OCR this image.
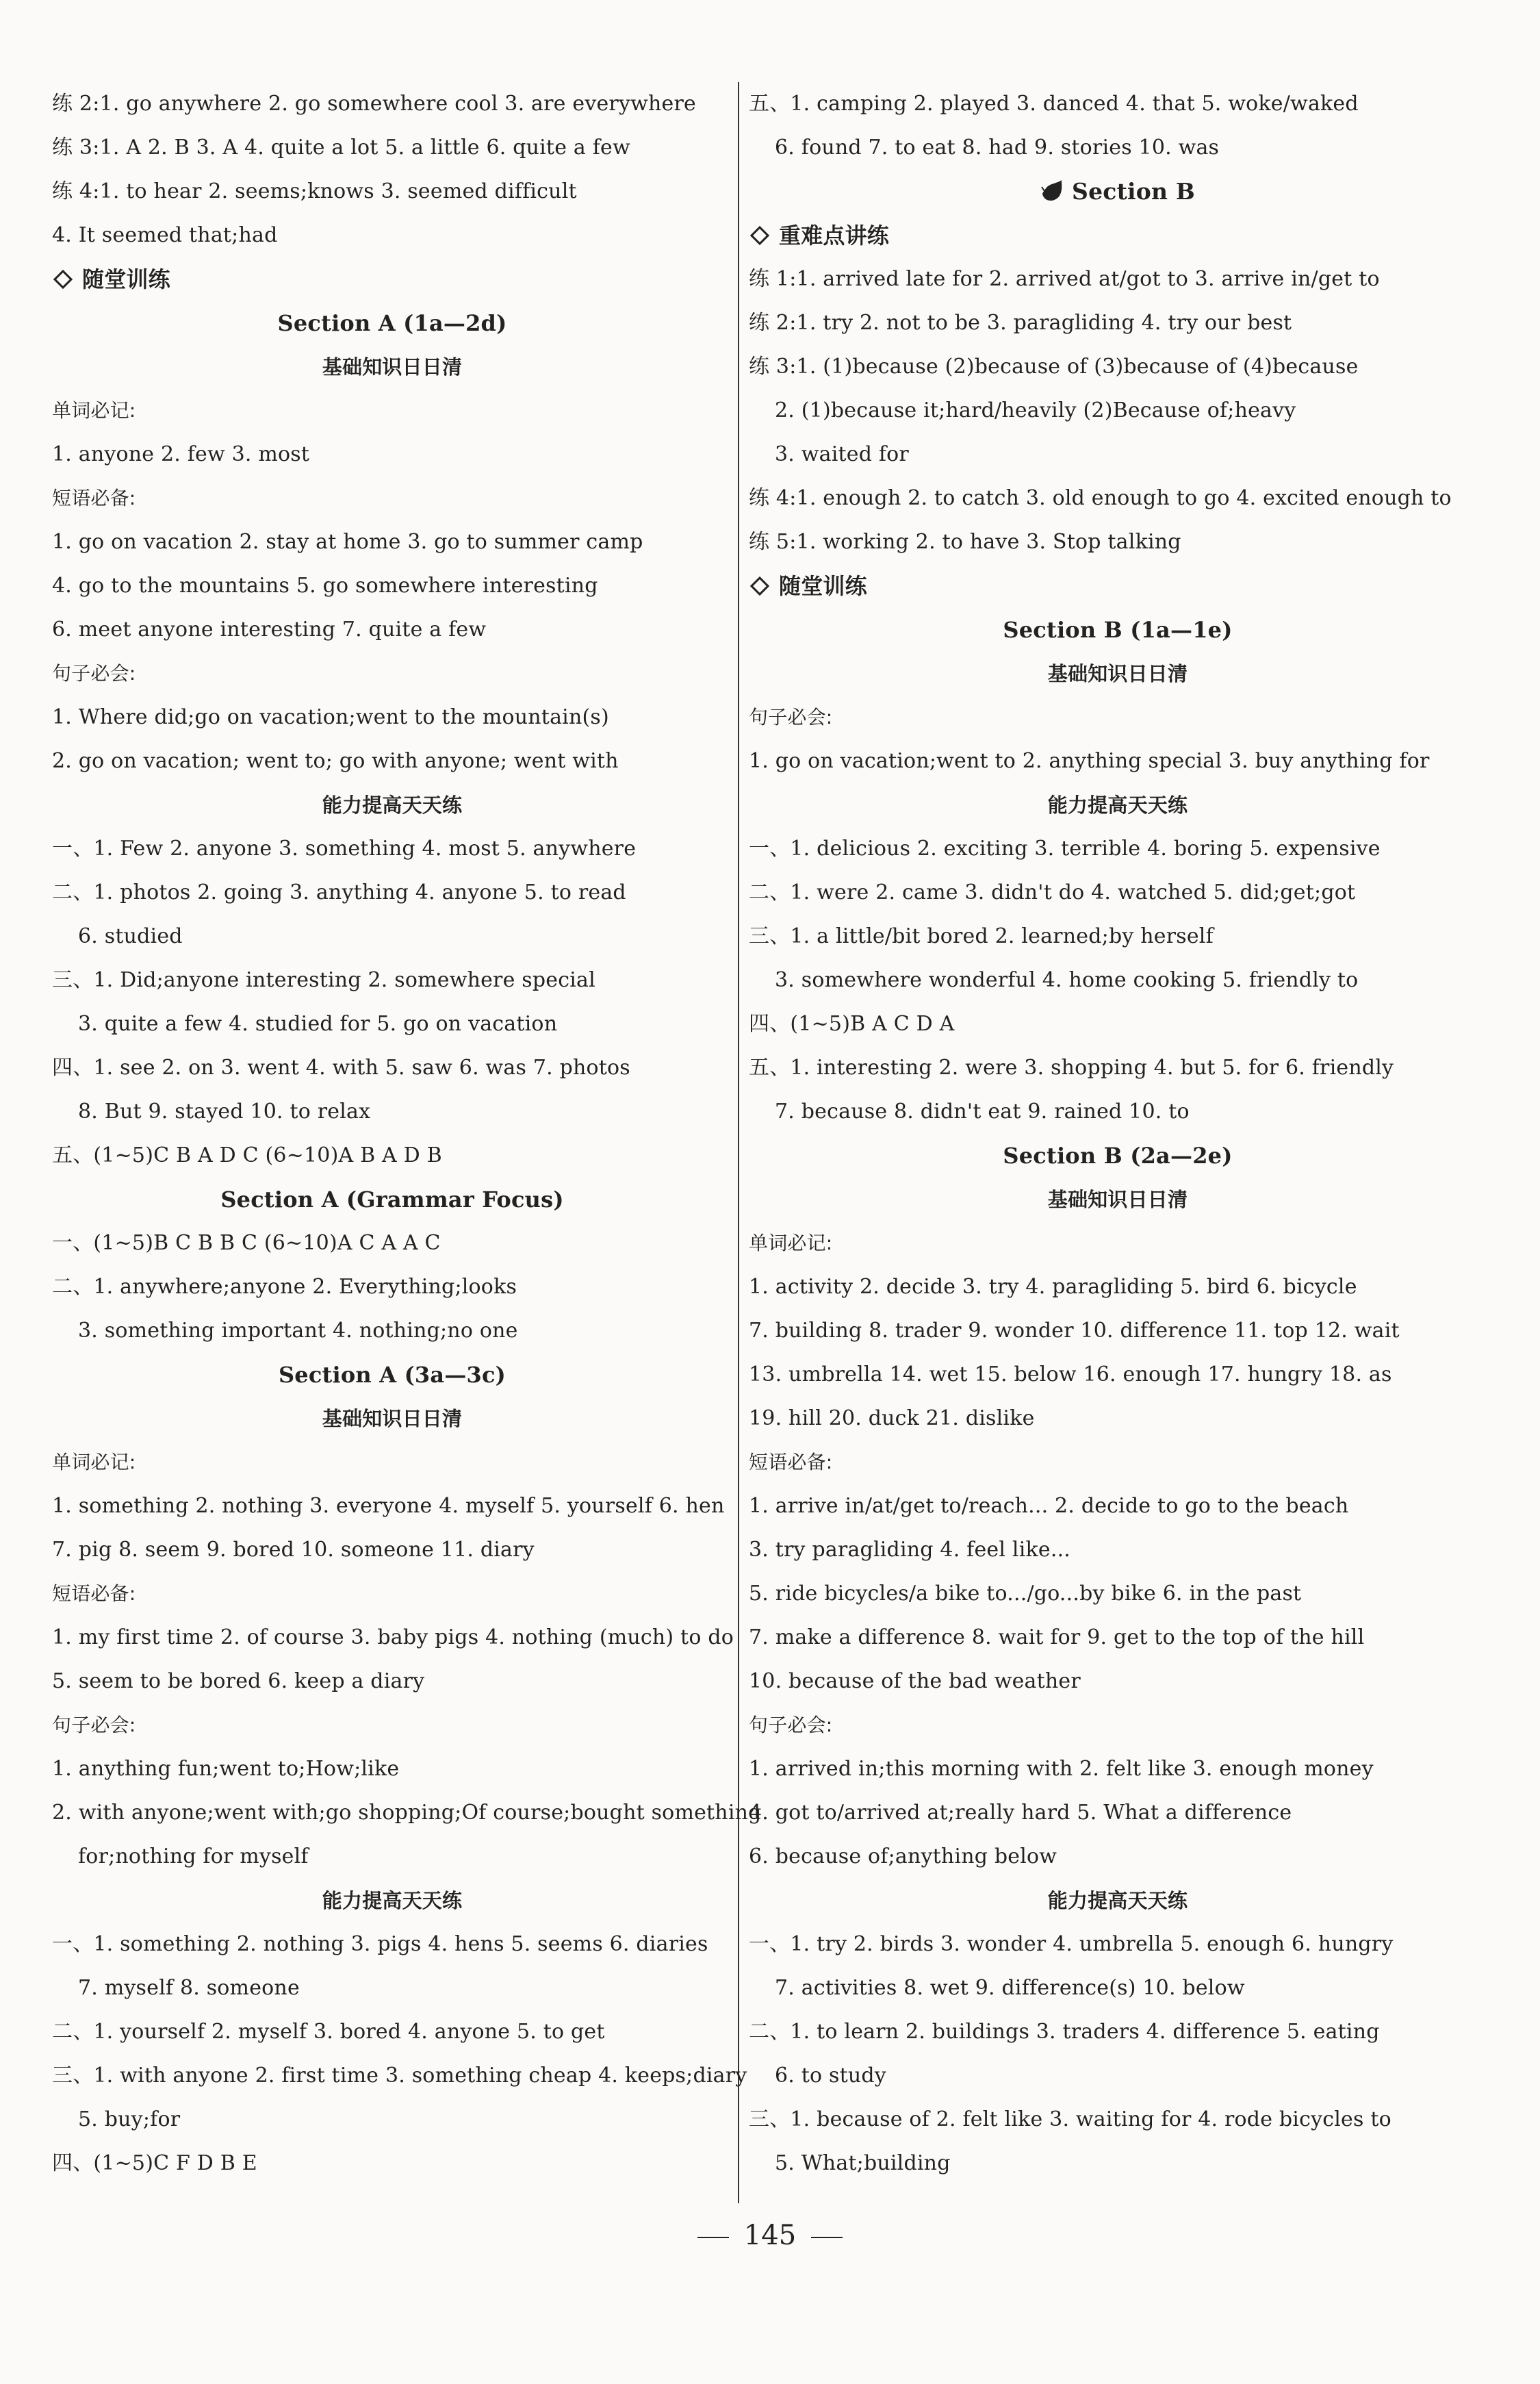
练 2:1. go anywhere 2. go somewhere cool 3. are everywhere
练 3:1. A 2. B 3. A 4. quite a lot 5. a little 6. quite a few
练 4:1. to hear 2. seems;knows 3. seemed difficult
4. It seemed that;had
随堂训练
Section A (1a—2d)
基础知识日日清
单词必记:
1. anyone 2. few 3. most
短语必备:
1. go on vacation 2. stay at home 3. go to summer camp
4. go to the mountains 5. go somewhere interesting
6. meet anyone interesting 7. quite a few
句子必会:
1. Where did;go on vacation;went to the mountain(s)
2. go on vacation; went to; go with anyone; went with
能力提高天天练
一、1. Few 2. anyone 3. something 4. most 5. anywhere
二、1. photos 2. going 3. anything 4. anyone 5. to read
6. studied
三、1. Did;anyone interesting 2. somewhere special
3. quite a few 4. studied for 5. go on vacation
四、1. see 2. on 3. went 4. with 5. saw 6. was 7. photos
8. But 9. stayed 10. to relax
五、(1~5)C B A D C (6~10)A B A D B
Section A (Grammar Focus)
一、(1~5)B C B B C (6~10)A C A A C
二、1. anywhere;anyone 2. Everything;looks
3. something important 4. nothing;no one
Section A (3a—3c)
基础知识日日清
单词必记:
1. something 2. nothing 3. everyone 4. myself 5. yourself 6. hen
7. pig 8. seem 9. bored 10. someone 11. diary
短语必备:
1. my first time 2. of course 3. baby pigs 4. nothing (much) to do
5. seem to be bored 6. keep a diary
句子必会:
1. anything fun;went to;How;like
2. with anyone;went with;go shopping;Of course;bought something
for;nothing for myself
能力提高天天练
一、1. something 2. nothing 3. pigs 4. hens 5. seems 6. diaries
7. myself 8. someone
二、1. yourself 2. myself 3. bored 4. anyone 5. to get
三、1. with anyone 2. first time 3. something cheap 4. keeps;diary
5. buy;for
四、(1~5)C F D B E
五、1. camping 2. played 3. danced 4. that 5. woke/waked
6. found 7. to eat 8. had 9. stories 10. was
Section B
重难点讲练
练 1:1. arrived late for 2. arrived at/got to 3. arrive in/get to
练 2:1. try 2. not to be 3. paragliding 4. try our best
练 3:1. (1)because (2)because of (3)because of (4)because
2. (1)because it;hard/heavily (2)Because of;heavy
3. waited for
练 4:1. enough 2. to catch 3. old enough to go 4. excited enough to
练 5:1. working 2. to have 3. Stop talking
随堂训练
Section B (1a—1e)
基础知识日日清
句子必会:
1. go on vacation;went to 2. anything special 3. buy anything for
能力提高天天练
一、1. delicious 2. exciting 3. terrible 4. boring 5. expensive
二、1. were 2. came 3. didn't do 4. watched 5. did;get;got
三、1. a little/bit bored 2. learned;by herself
3. somewhere wonderful 4. home cooking 5. friendly to
四、(1~5)B A C D A
五、1. interesting 2. were 3. shopping 4. but 5. for 6. friendly
7. because 8. didn't eat 9. rained 10. to
Section B (2a—2e)
基础知识日日清
单词必记:
1. activity 2. decide 3. try 4. paragliding 5. bird 6. bicycle
7. building 8. trader 9. wonder 10. difference 11. top 12. wait
13. umbrella 14. wet 15. below 16. enough 17. hungry 18. as
19. hill 20. duck 21. dislike
短语必备:
1. arrive in/at/get to/reach... 2. decide to go to the beach
3. try paragliding 4. feel like...
5. ride bicycles/a bike to.../go...by bike 6. in the past
7. make a difference 8. wait for 9. get to the top of the hill
10. because of the bad weather
句子必会:
1. arrived in;this morning with 2. felt like 3. enough money
4. got to/arrived at;really hard 5. What a difference
6. because of;anything below
能力提高天天练
一、1. try 2. birds 3. wonder 4. umbrella 5. enough 6. hungry
7. activities 8. wet 9. difference(s) 10. below
二、1. to learn 2. buildings 3. traders 4. difference 5. eating
6. to study
三、1. because of 2. felt like 3. waiting for 4. rode bicycles to
5. What;building
145
